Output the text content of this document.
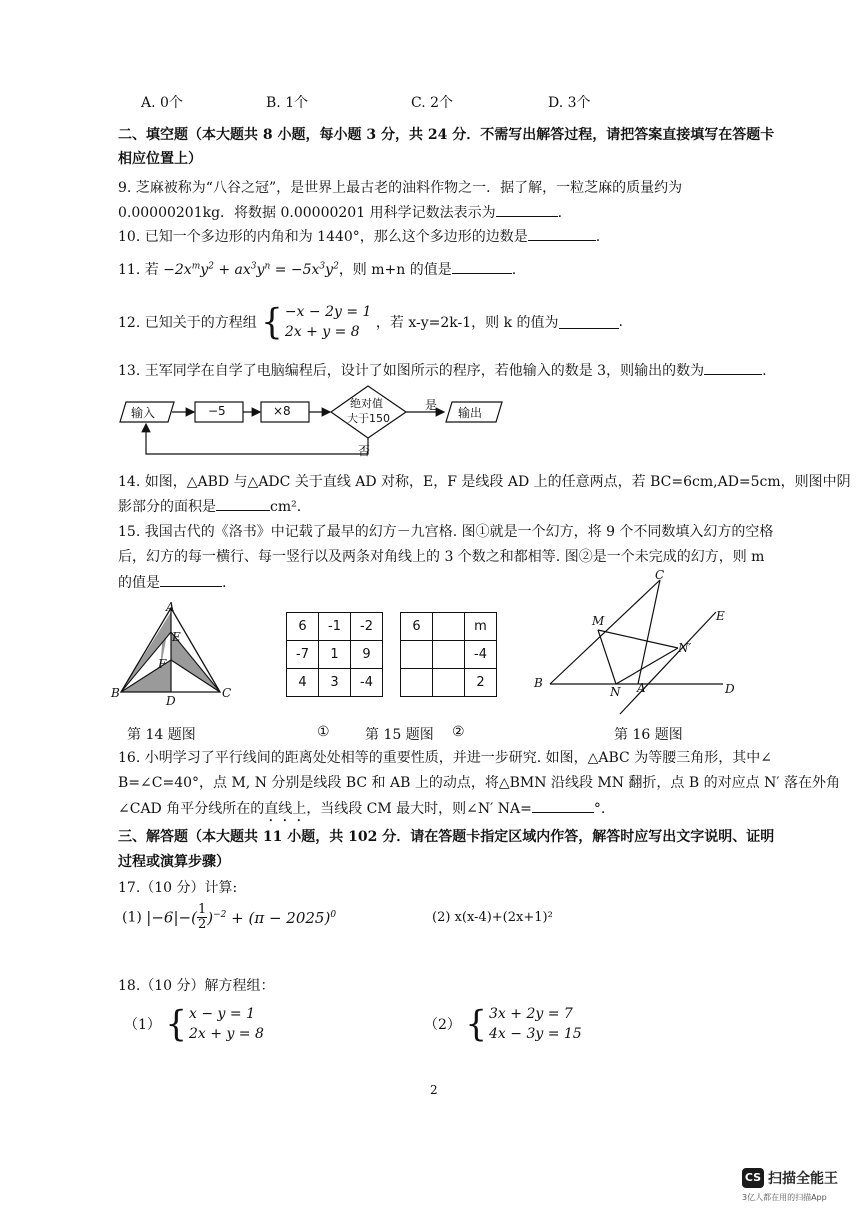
A. 0个	B. 1个	C. 2个	D. 3个
二、填空题（本大题共 8 小题，每小题 3 分，共 24 分．不需写出解答过程，请把答案直接填写在答题卡
相应位置上）
9. 芝麻被称为“八谷之冠”，是世界上最古老的油料作物之一．据了解，一粒芝麻的质量约为
0.00000201kg．将数据 0.00000201 用科学记数法表示为	.
10. 已知一个多边形的内角和为 1440°，那么这个多边形的边数是	.
11. 若 $-2x^my^2 + ax^3y^n = -5x^3y^2$，则 m+n 的值是	.
12. 已知关于的方程组 { −x − 2y = 1
2x + y = 8
，若 x-y=2k-1，则 k 的值为	.
13. 王军同学在自学了电脑编程后，设计了如图所示的程序，若他输入的数是 3，则输出的数为	.
输入	−5	×8
绝对值
大于150
是
输出
否
14. 如图，△ABD 与△ADC 关于直线 AD 对称，E，F 是线段 AD 上的任意两点，若 BC=6cm,AD=5cm，则图中阴
影部分的面积是	cm².
15. 我国古代的《洛书》中记载了最早的幻方－九宫格. 图①就是一个幻方，将 9 个不同数填入幻方的空格
后，幻方的每一横行、每一竖行以及两条对角线上的 3 个数之和都相等. 图②是一个未完成的幻方，则 m
的值是	.
A
E
F
B	C
D
6	-1	-2
-7	1	9
4	3	-4
6		m
		-4
		2
C
M	E
N′
B
N A	D
第 14 题图	①	第 15 题图 ②	第 16 题图
16. 小明学习了平行线间的距离处处相等的重要性质，并进一步研究. 如图，△ABC 为等腰三角形，其中∠
B=∠C=40°，点 M, N 分别是线段 BC 和 AB 上的动点，将△BMN 沿线段 MN 翻折，点 B 的对应点 N′ 落在外角
∠CAD 角平分线所在的直线上，当线段 CM 最大时，则∠N′ NA=	°.
三、解答题（本大题共 11 小题，共 102 分．请在答题卡指定区域内作答，解答时应写出文字说明、证明
过程或演算步骤）
17.（10 分）计算:
(1) $|-6|-( \frac{1}{2} )^{-2} + (\pi - 2025)^0$	(2) x(x-4)+(2x+1)²
18.（10 分）解方程组：
（1） { x − y = 1
2x + y = 8
（2） { 3x + 2y = 7
4x − 3y = 15
2
CS 扫描全能王
3亿人都在用的扫描App
